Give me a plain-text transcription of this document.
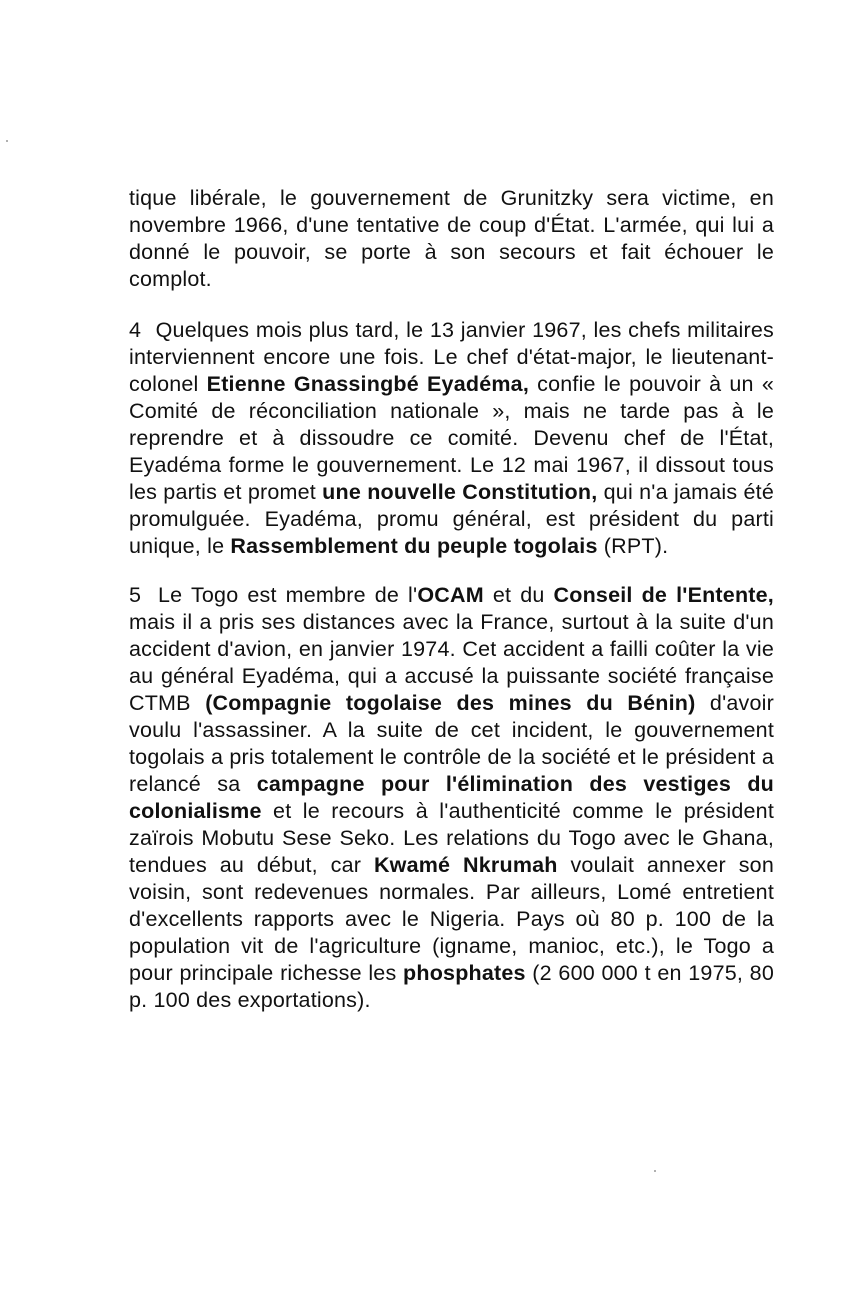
tique libérale, le gouvernement de Grunitzky sera victime, en novembre 1966, d'une tentative de coup d'État. L'armée, qui lui a donné le pouvoir, se porte à son secours et fait échouer le complot.

4 Quelques mois plus tard, le 13 janvier 1967, les chefs militaires interviennent encore une fois. Le chef d'état-major, le lieutenant-colonel Etienne Gnassingbé Eyadéma, confie le pouvoir à un « Comité de réconciliation nationale », mais ne tarde pas à le reprendre et à dissoudre ce comité. Devenu chef de l'État, Eyadéma forme le gouvernement. Le 12 mai 1967, il dissout tous les partis et promet une nouvelle Constitution, qui n'a jamais été promulguée. Eyadéma, promu général, est président du parti unique, le Rassemblement du peuple togolais (RPT).

5 Le Togo est membre de l'OCAM et du Conseil de l'Entente, mais il a pris ses distances avec la France, surtout à la suite d'un accident d'avion, en janvier 1974. Cet accident a failli coûter la vie au général Eyadéma, qui a accusé la puissante société française CTMB (Compagnie togolaise des mines du Bénin) d'avoir voulu l'assassiner. A la suite de cet incident, le gouvernement togolais a pris totalement le contrôle de la société et le président a relancé sa campagne pour l'élimination des vestiges du colonialisme et le recours à l'authenticité comme le président zaïrois Mobutu Sese Seko. Les relations du Togo avec le Ghana, tendues au début, car Kwamé Nkrumah voulait annexer son voisin, sont redevenues normales. Par ailleurs, Lomé entretient d'excellents rapports avec le Nigeria. Pays où 80 p. 100 de la population vit de l'agriculture (igname, manioc, etc.), le Togo a pour principale richesse les phosphates (2 600 000 t en 1975, 80 p. 100 des exportations).
